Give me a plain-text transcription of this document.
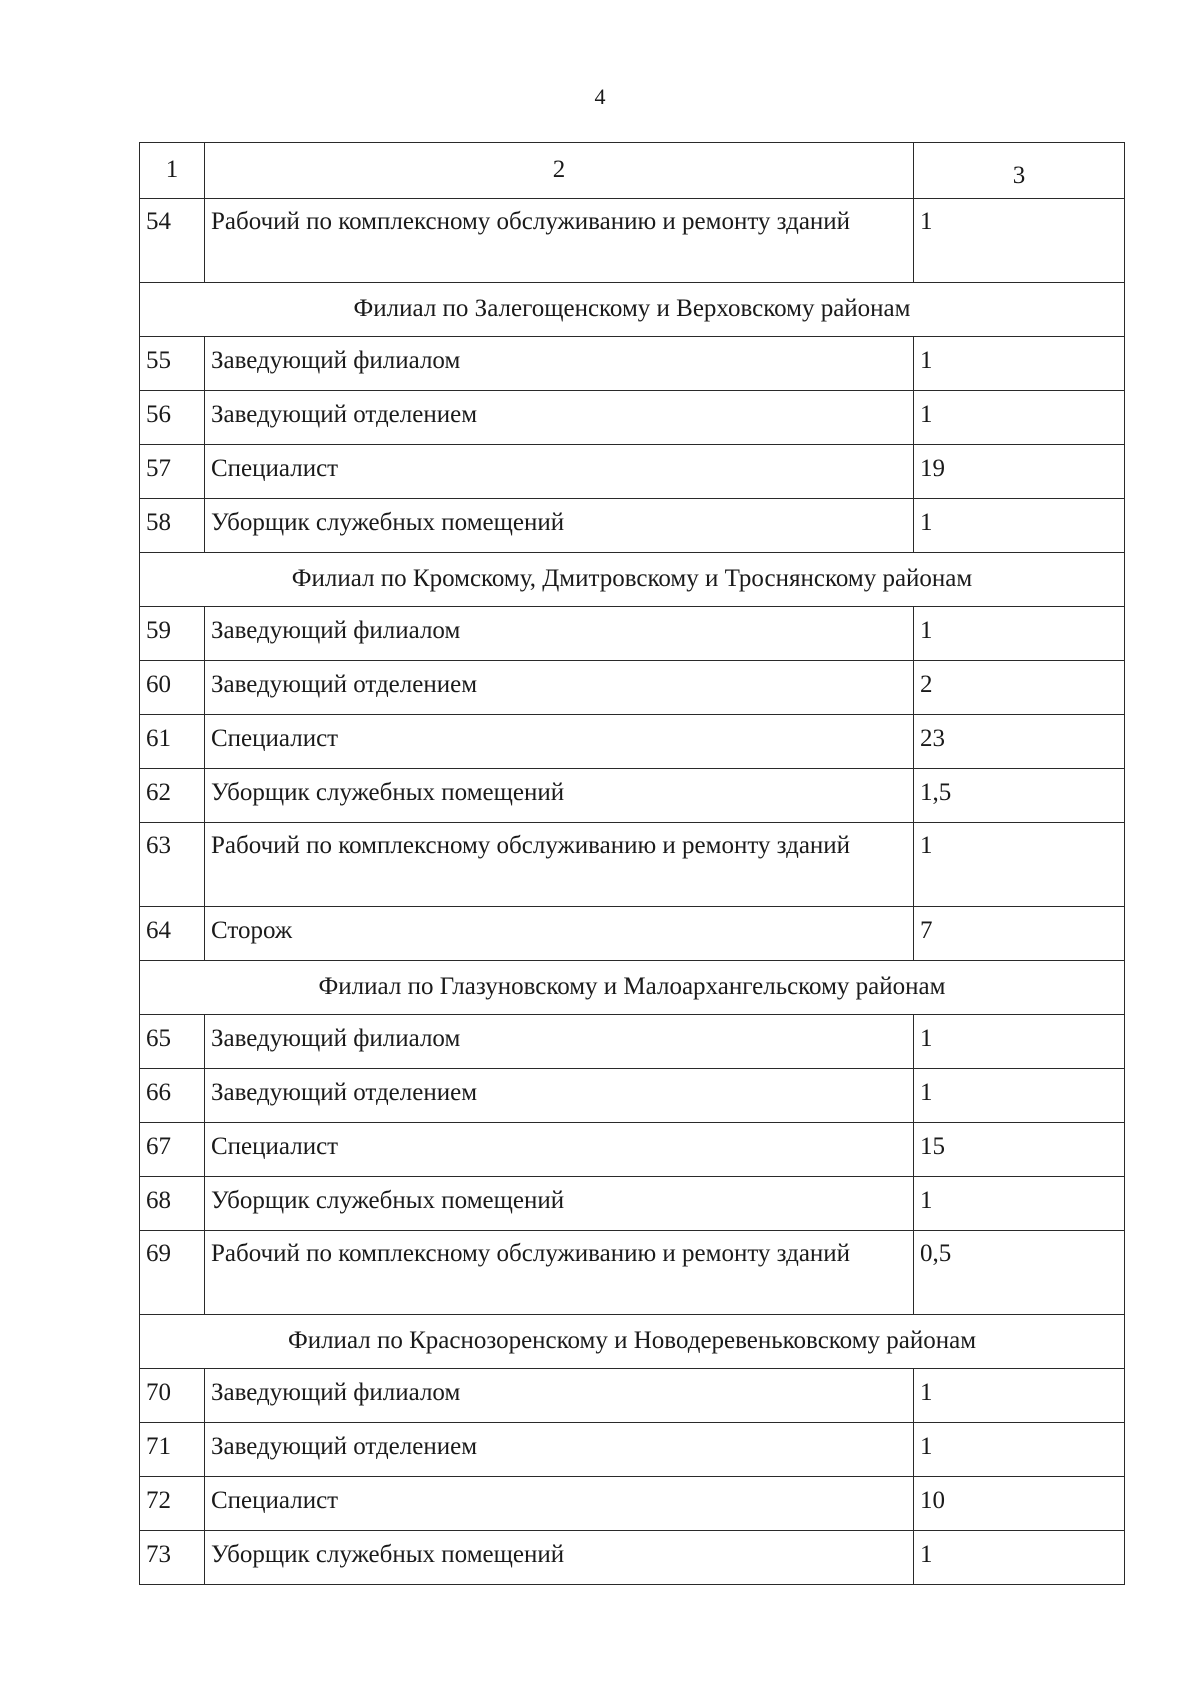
4
1	2	3
54	Рабочий по комплексному обслуживанию и ремонту зданий	1
Филиал по Залегощенскому и Верховскому районам		
55	Заведующий филиалом	1
56	Заведующий отделением	1
57	Специалист	19
58	Уборщик служебных помещений	1
Филиал по Кромскому, Дмитровскому и Троснянскому районам		
59	Заведующий филиалом	1
60	Заведующий отделением	2
61	Специалист	23
62	Уборщик служебных помещений	1,5
63	Рабочий по комплексному обслуживанию и ремонту зданий	1
64	Сторож	7
Филиал по Глазуновскому и Малоархангельскому районам		
65	Заведующий филиалом	1
66	Заведующий отделением	1
67	Специалист	15
68	Уборщик служебных помещений	1
69	Рабочий по комплексному обслуживанию и ремонту зданий	0,5
Филиал по Краснозоренскому и Новодеревеньковскому районам		
70	Заведующий филиалом	1
71	Заведующий отделением	1
72	Специалист	10
73	Уборщик служебных помещений	1
